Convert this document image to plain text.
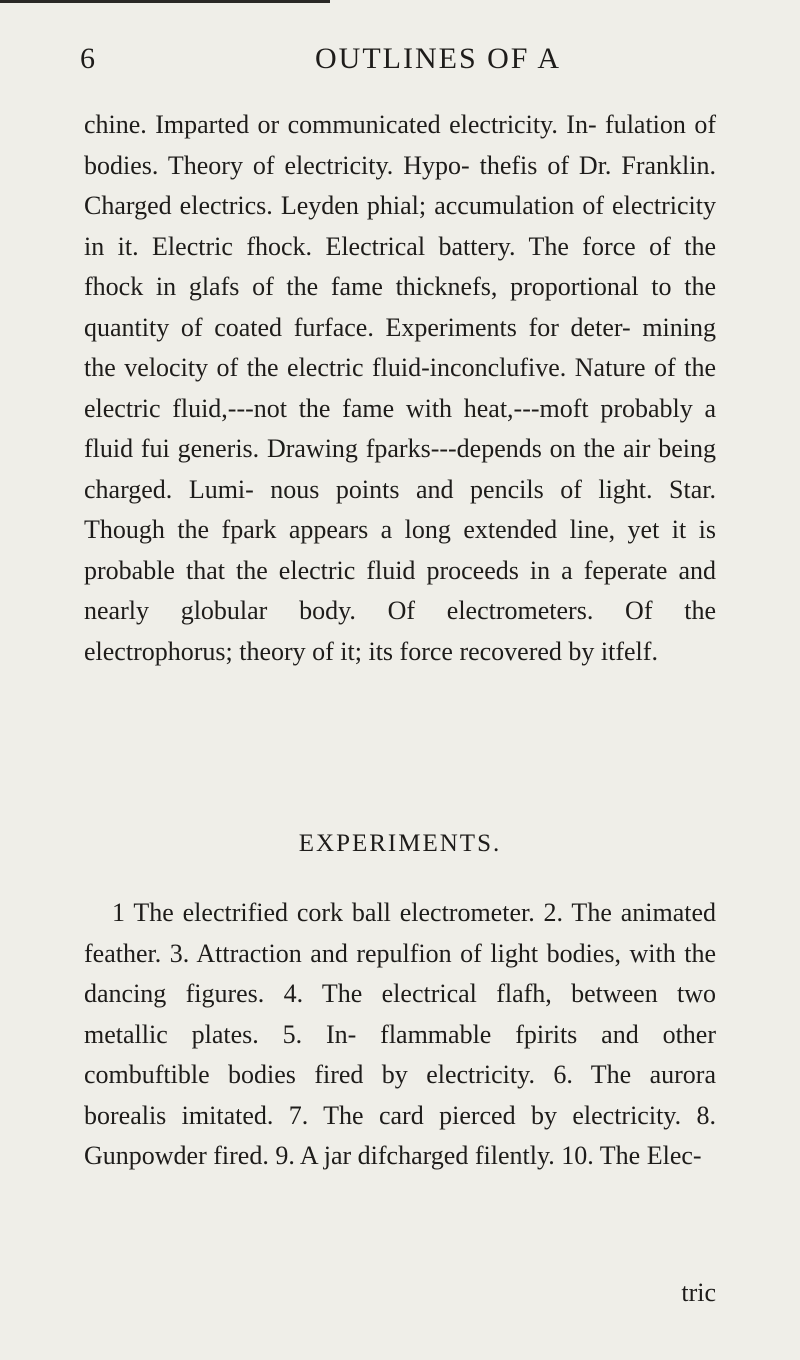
6	OUTLINES OF A

chine. Imparted or communicated electricity. In- fulation of bodies. Theory of electricity. Hypo- thefis of Dr. Franklin. Charged electrics. Leyden phial; accumulation of electricity in it. Electric fhock. Electrical battery. The force of the fhock in glafs of the fame thicknefs, proportional to the quantity of coated furface. Experiments for deter- mining the velocity of the electric fluid-inconclufive. Nature of the electric fluid,---not the fame with heat,---moft probably a fluid fui generis. Drawing fparks---depends on the air being charged. Lumi- nous points and pencils of light. Star. Though the fpark appears a long extended line, yet it is probable that the electric fluid proceeds in a feperate and nearly globular body. Of electrometers. Of the electrophorus; theory of it; its force recovered by itfelf.

EXPERIMENTS.

1 The electrified cork ball electrometer. 2. The animated feather. 3. Attraction and repulfion of light bodies, with the dancing figures. 4. The electrical flafh, between two metallic plates. 5. In- flammable fpirits and other combuftible bodies fired by electricity. 6. The aurora borealis imitated. 7. The card pierced by electricity. 8. Gunpowder fired. 9. A jar difcharged filently. 10. The Elec-

tric
